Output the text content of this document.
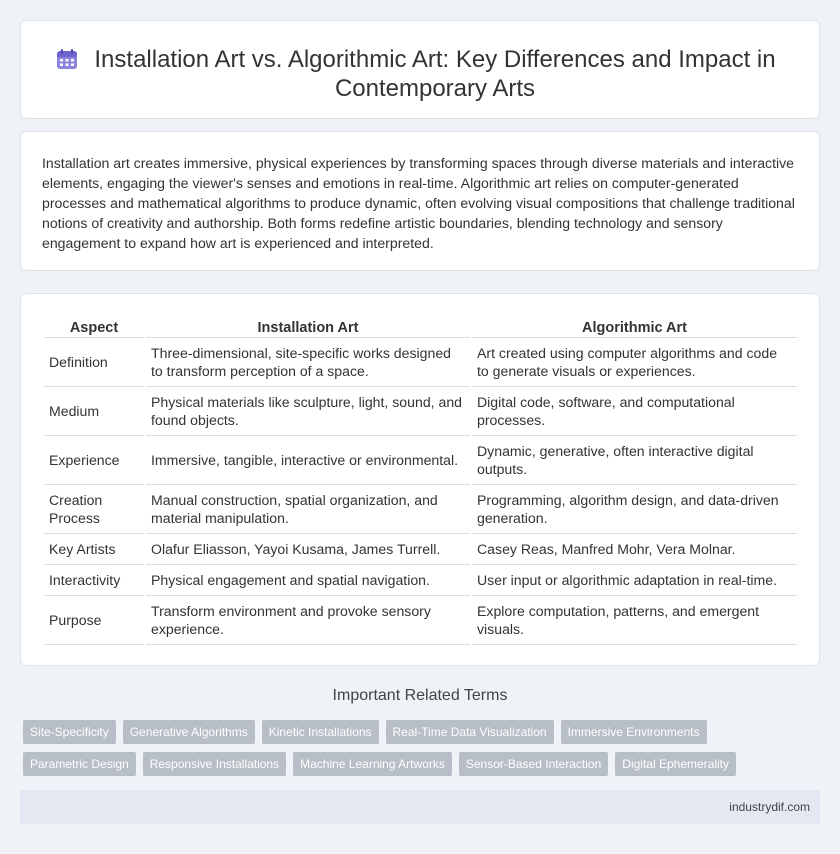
Installation Art vs. Algorithmic Art: Key Differences and Impact in Contemporary Arts

Installation art creates immersive, physical experiences by transforming spaces through diverse materials and interactive elements, engaging the viewer's senses and emotions in real-time. Algorithmic art relies on computer-generated processes and mathematical algorithms to produce dynamic, often evolving visual compositions that challenge traditional notions of creativity and authorship. Both forms redefine artistic boundaries, blending technology and sensory engagement to expand how art is experienced and interpreted.

Aspect	Installation Art	Algorithmic Art
Definition	Three-dimensional, site-specific works designed to transform perception of a space.	Art created using computer algorithms and code to generate visuals or experiences.
Medium	Physical materials like sculpture, light, sound, and found objects.	Digital code, software, and computational processes.
Experience	Immersive, tangible, interactive or environmental.	Dynamic, generative, often interactive digital outputs.
Creation Process	Manual construction, spatial organization, and material manipulation.	Programming, algorithm design, and data-driven generation.
Key Artists	Olafur Eliasson, Yayoi Kusama, James Turrell.	Casey Reas, Manfred Mohr, Vera Molnar.
Interactivity	Physical engagement and spatial navigation.	User input or algorithmic adaptation in real-time.
Purpose	Transform environment and provoke sensory experience.	Explore computation, patterns, and emergent visuals.
Important Related Terms
Site-Specificity	Generative Algorithms	Kinetic Installations	Real-Time Data Visualization	Immersive Environments
Parametric Design	Responsive Installations	Machine Learning Artworks	Sensor-Based Interaction	Digital Ephemerality
industrydif.com
